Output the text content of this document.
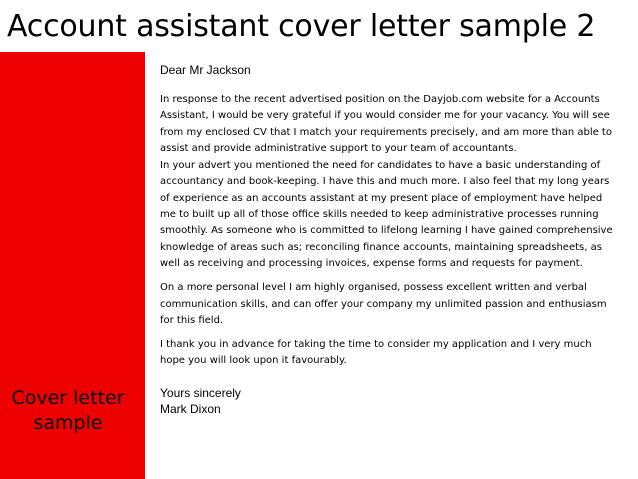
Account assistant cover letter sample 2
Cover letter
sample
Dear Mr Jackson
In response to the recent advertised position on the Dayjob.com website for a Accounts
Assistant, I would be very grateful if you would consider me for your vacancy. You will see
from my enclosed CV that I match your requirements precisely, and am more than able to
assist and provide administrative support to your team of accountants.
In your advert you mentioned the need for candidates to have a basic understanding of
accountancy and book-keeping. I have this and much more. I also feel that my long years
of experience as an accounts assistant at my present place of employment have helped
me to built up all of those office skills needed to keep administrative processes running
smoothly. As someone who is committed to lifelong learning I have gained comprehensive
knowledge of areas such as; reconciling finance accounts, maintaining spreadsheets, as
well as receiving and processing invoices, expense forms and requests for payment.
On a more personal level I am highly organised, possess excellent written and verbal
communication skills, and can offer your company my unlimited passion and enthusiasm
for this field.
I thank you in advance for taking the time to consider my application and I very much
hope you will look upon it favourably.
Yours sincerely
Mark Dixon
